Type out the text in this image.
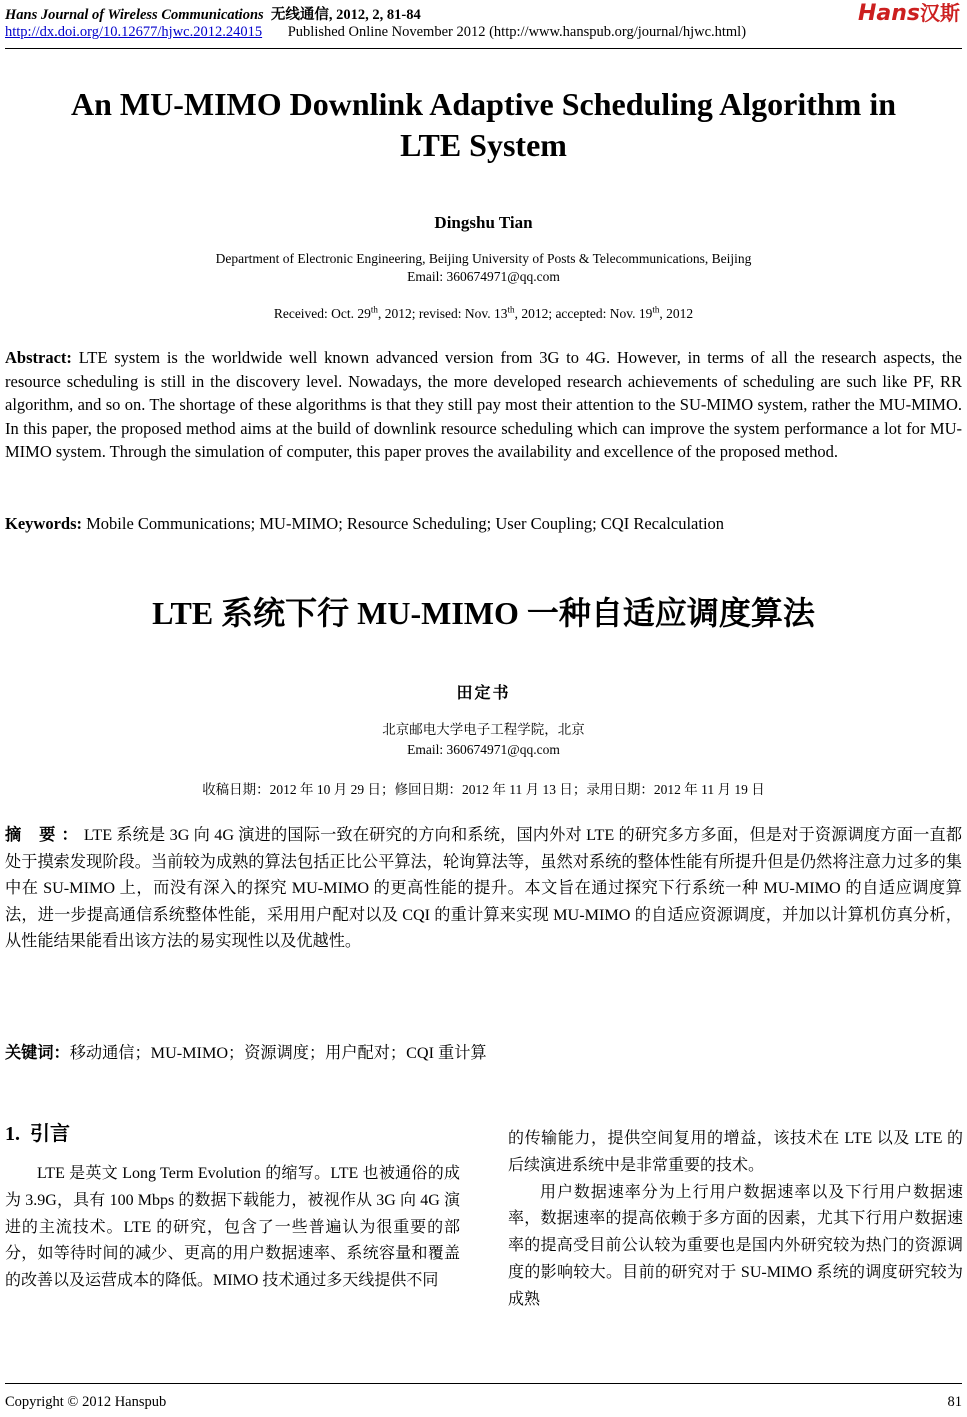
Hans Journal of Wireless Communications 无线通信, 2012, 2, 81-84
http://dx.doi.org/10.12677/hjwc.2012.24015 Published Online November 2012 (http://www.hanspub.org/journal/hjwc.html)
Hans汉斯
An MU-MIMO Downlink Adaptive Scheduling Algorithm in
LTE System
Dingshu Tian
Department of Electronic Engineering, Beijing University of Posts & Telecommunications, Beijing
Email: 360674971@qq.com
Received: Oct. 29th, 2012; revised: Nov. 13th, 2012; accepted: Nov. 19th, 2012
Abstract: LTE system is the worldwide well known advanced version from 3G to 4G. However, in terms of all the research aspects, the resource scheduling is still in the discovery level. Nowadays, the more developed research achievements of scheduling are such like PF, RR algorithm, and so on. The shortage of these algorithms is that they still pay most their attention to the SU-MIMO system, rather the MU-MIMO. In this paper, the proposed method aims at the build of downlink resource scheduling which can improve the system performance a lot for MU-MIMO system. Through the simulation of computer, this paper proves the availability and excellence of the proposed method.
Keywords: Mobile Communications; MU-MIMO; Resource Scheduling; User Coupling; CQI Recalculation
LTE 系统下行 MU-MIMO 一种自适应调度算法
田定书
北京邮电大学电子工程学院，北京
Email: 360674971@qq.com
收稿日期：2012 年 10 月 29 日；修回日期：2012 年 11 月 13 日；录用日期：2012 年 11 月 19 日
摘 要：LTE 系统是 3G 向 4G 演进的国际一致在研究的方向和系统，国内外对 LTE 的研究多方多面，但是对于资源调度方面一直都处于摸索发现阶段。当前较为成熟的算法包括正比公平算法，轮询算法等，虽然对系统的整体性能有所提升但是仍然将注意力过多的集中在 SU-MIMO 上，而没有深入的探究 MU-MIMO 的更高性能的提升。本文旨在通过探究下行系统一种 MU-MIMO 的自适应调度算法，进一步提高通信系统整体性能，采用用户配对以及 CQI 的重计算来实现 MU-MIMO 的自适应资源调度，并加以计算机仿真分析，从性能结果能看出该方法的易实现性以及优越性。
关键词：移动通信；MU-MIMO；资源调度；用户配对；CQI 重计算
1. 引言

LTE 是英文 Long Term Evolution 的缩写。LTE 也被通俗的成为 3.9G，具有 100 Mbps 的数据下载能力，被视作从 3G 向 4G 演进的主流技术。LTE 的研究，包含了一些普遍认为很重要的部分，如等待时间的减少、更高的用户数据速率、系统容量和覆盖的改善以及运营成本的降低。MIMO 技术通过多天线提供不同

的传输能力，提供空间复用的增益，该技术在 LTE 以及 LTE 的后续演进系统中是非常重要的技术。

用户数据速率分为上行用户数据速率以及下行用户数据速率，数据速率的提高依赖于多方面的因素，尤其下行用户数据速率的提高受目前公认较为重要也是国内外研究较为热门的资源调度的影响较大。目前的研究对于 SU-MIMO 系统的调度研究较为成熟

Copyright © 2012 Hanspub	81
